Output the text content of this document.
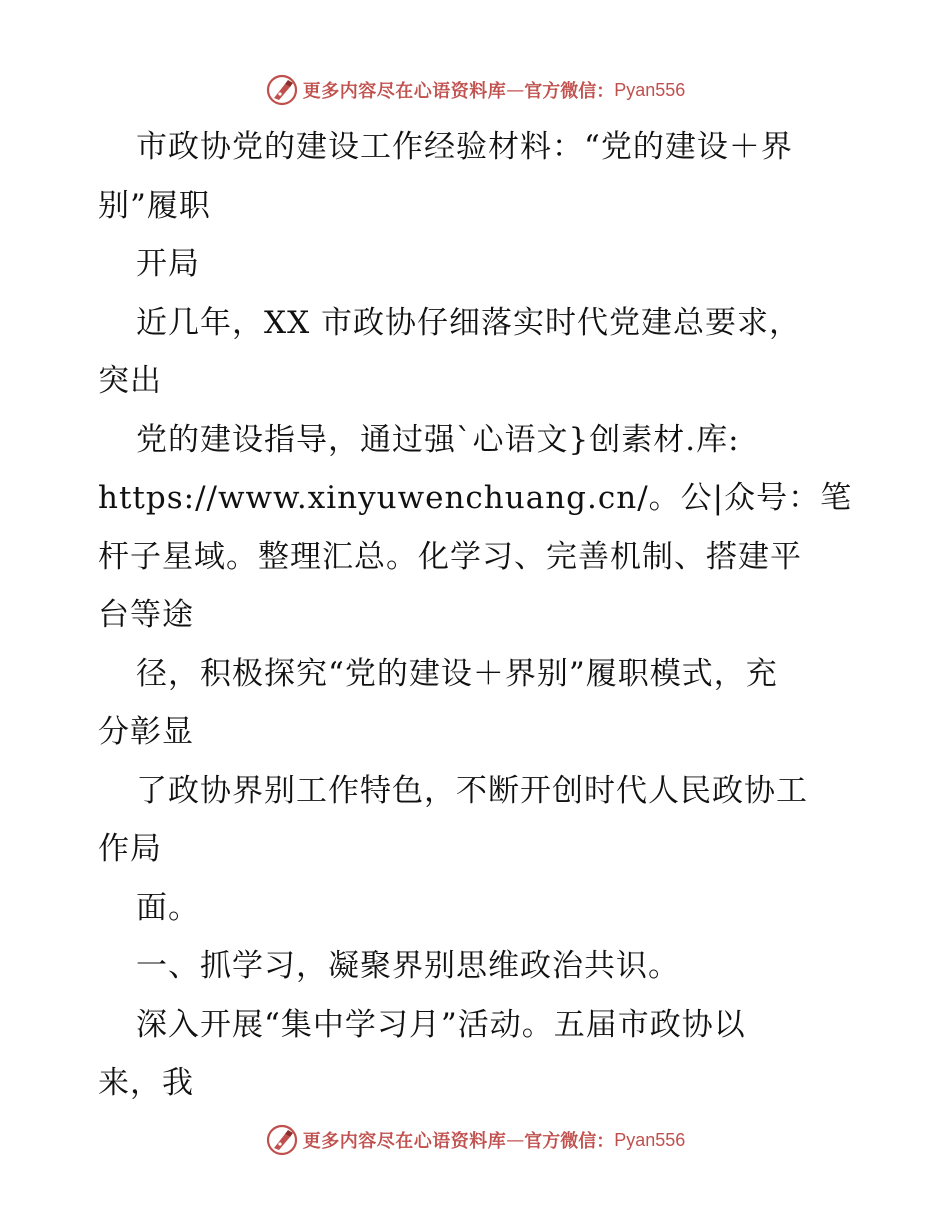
更多内容尽在心语资料库 — 官方微信： Pyan556
市政协党的建设工作经验材料：“党的建设＋界
别”履职
开局
近几年，XX 市政协仔细落实时代党建总要求，
突出
党的建设指导，通过强`心语文}创素材.库:
https://www.xinyuwenchuang.cn/。公|众号：笔
杆子星域。整理汇总。化学习、完善机制、搭建平
台等途
径，积极探究“党的建设＋界别”履职模式，充
分彰显
了政协界别工作特色，不断开创时代人民政协工
作局
面。
一、抓学习，凝聚界别思维政治共识。
深入开展“集中学习月”活动。五届市政协以
来，我
更多内容尽在心语资料库 — 官方微信： Pyan556
